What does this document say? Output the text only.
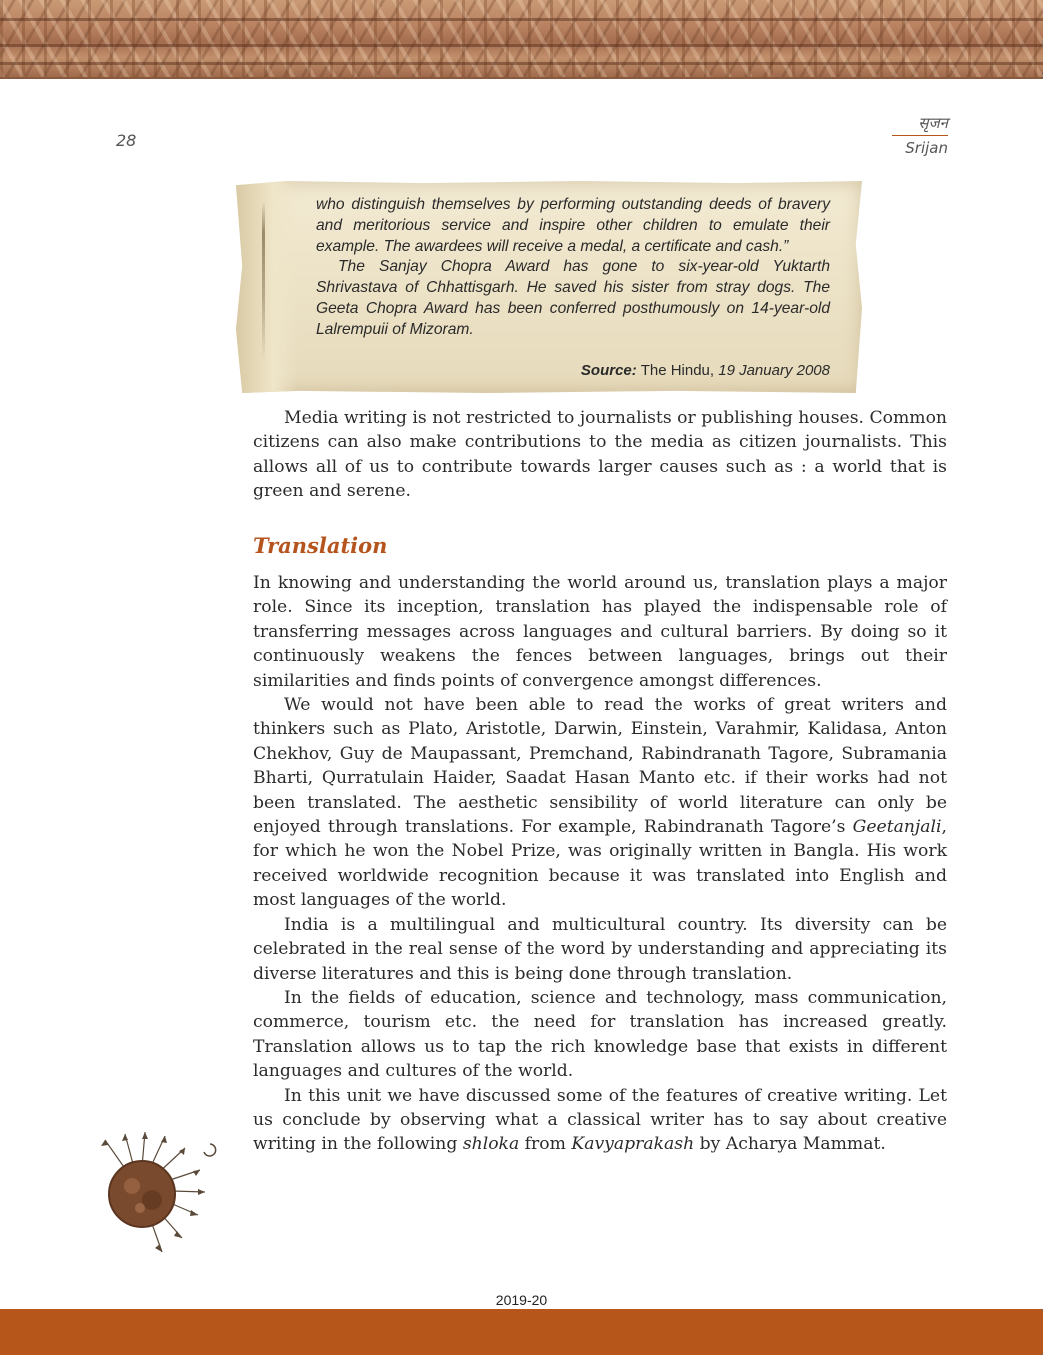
28
सृजन
Srijan

who distinguish themselves by performing outstanding deeds of bravery and meritorious service and inspire other children to emulate their example. The awardees will receive a medal, a certificate and cash.”

The Sanjay Chopra Award has gone to six-year-old Yuktarth Shrivastava of Chhattisgarh. He saved his sister from stray dogs. The Geeta Chopra Award has been conferred posthumously on 14-year-old Lalrempuii of Mizoram.

Source: The Hindu, 19 January 2008

Media writing is not restricted to journalists or publishing houses. Common citizens can also make contributions to the media as citizen journalists. This allows all of us to contribute towards larger causes such as : a world that is green and serene.

Translation

In knowing and understanding the world around us, translation plays a major role. Since its inception, translation has played the indispensable role of transferring messages across languages and cultural barriers. By doing so it continuously weakens the fences between languages, brings out their similarities and finds points of convergence amongst differences.

We would not have been able to read the works of great writers and thinkers such as Plato, Aristotle, Darwin, Einstein, Varahmir, Kalidasa, Anton Chekhov, Guy de Maupassant, Premchand, Rabindranath Tagore, Subramania Bharti, Qurratulain Haider, Saadat Hasan Manto etc. if their works had not been translated. The aesthetic sensibility of world literature can only be enjoyed through translations. For example, Rabindranath Tagore’s Geetanjali, for which he won the Nobel Prize, was originally written in Bangla. His work received worldwide recognition because it was translated into English and most languages of the world.

India is a multilingual and multicultural country. Its diversity can be celebrated in the real sense of the word by understanding and appreciating its diverse literatures and this is being done through translation.

In the fields of education, science and technology, mass communication, commerce, tourism etc. the need for translation has increased greatly. Translation allows us to tap the rich knowledge base that exists in different languages and cultures of the world.

In this unit we have discussed some of the features of creative writing. Let us conclude by observing what a classical writer has to say about creative writing in the following shloka from Kavyaprakash by Acharya Mammat.

2019-20
